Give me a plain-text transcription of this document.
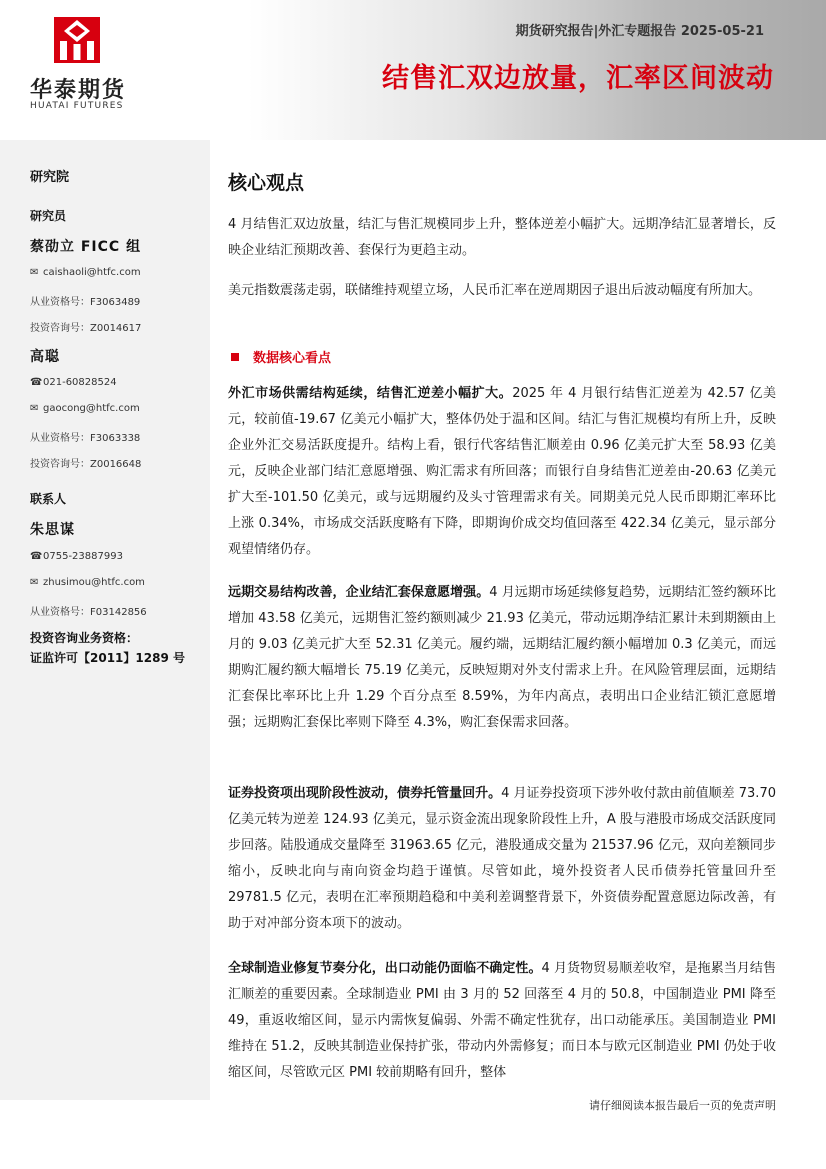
华泰期货
HUATAI FUTURES
期货研究报告|外汇专题报告 2025-05-21
结售汇双边放量，汇率区间波动
研究院
研究员
蔡劭立 FICC 组
✉ caishaoli@htfc.com
从业资格号：F3063489
投资咨询号：Z0014617
高聪
☎021-60828524
✉ gaocong@htfc.com
从业资格号：F3063338
投资咨询号：Z0016648
联系人
朱思谋
☎0755-23887993
✉ zhusimou@htfc.com
从业资格号：F03142856
投资咨询业务资格：
证监许可【2011】1289 号
核心观点

4 月结售汇双边放量，结汇与售汇规模同步上升，整体逆差小幅扩大。远期净结汇显著增长，反映企业结汇预期改善、套保行为更趋主动。

美元指数震荡走弱，联储维持观望立场，人民币汇率在逆周期因子退出后波动幅度有所加大。

数据核心看点

外汇市场供需结构延续，结售汇逆差小幅扩大。2025 年 4 月银行结售汇逆差为 42.57 亿美元，较前值-19.67 亿美元小幅扩大，整体仍处于温和区间。结汇与售汇规模均有所上升，反映企业外汇交易活跃度提升。结构上看，银行代客结售汇顺差由 0.96 亿美元扩大至 58.93 亿美元，反映企业部门结汇意愿增强、购汇需求有所回落；而银行自身结售汇逆差由-20.63 亿美元扩大至-101.50 亿美元，或与远期履约及头寸管理需求有关。同期美元兑人民币即期汇率环比上涨 0.34%，市场成交活跃度略有下降，即期询价成交均值回落至 422.34 亿美元，显示部分观望情绪仍存。

远期交易结构改善，企业结汇套保意愿增强。4 月远期市场延续修复趋势，远期结汇签约额环比增加 43.58 亿美元，远期售汇签约额则减少 21.93 亿美元，带动远期净结汇累计未到期额由上月的 9.03 亿美元扩大至 52.31 亿美元。履约端，远期结汇履约额小幅增加 0.3 亿美元，而远期购汇履约额大幅增长 75.19 亿美元，反映短期对外支付需求上升。在风险管理层面，远期结汇套保比率环比上升 1.29 个百分点至 8.59%，为年内高点，表明出口企业结汇锁汇意愿增强；远期购汇套保比率则下降至 4.3%，购汇套保需求回落。

证券投资项出现阶段性波动，债券托管量回升。4 月证券投资项下涉外收付款由前值顺差 73.70 亿美元转为逆差 124.93 亿美元，显示资金流出现象阶段性上升，A 股与港股市场成交活跃度同步回落。陆股通成交量降至 31963.65 亿元，港股通成交量为 21537.96 亿元，双向差额同步缩小，反映北向与南向资金均趋于谨慎。尽管如此，境外投资者人民币债券托管量回升至 29781.5 亿元，表明在汇率预期趋稳和中美利差调整背景下，外资债券配置意愿边际改善，有助于对冲部分资本项下的波动。

全球制造业修复节奏分化，出口动能仍面临不确定性。4 月货物贸易顺差收窄，是拖累当月结售汇顺差的重要因素。全球制造业 PMI 由 3 月的 52 回落至 4 月的 50.8，中国制造业 PMI 降至 49，重返收缩区间，显示内需恢复偏弱、外需不确定性犹存，出口动能承压。美国制造业 PMI 维持在 51.2，反映其制造业保持扩张，带动内外需修复；而日本与欧元区制造业 PMI 仍处于收缩区间，尽管欧元区 PMI 较前期略有回升，整体

请仔细阅读本报告最后一页的免责声明
